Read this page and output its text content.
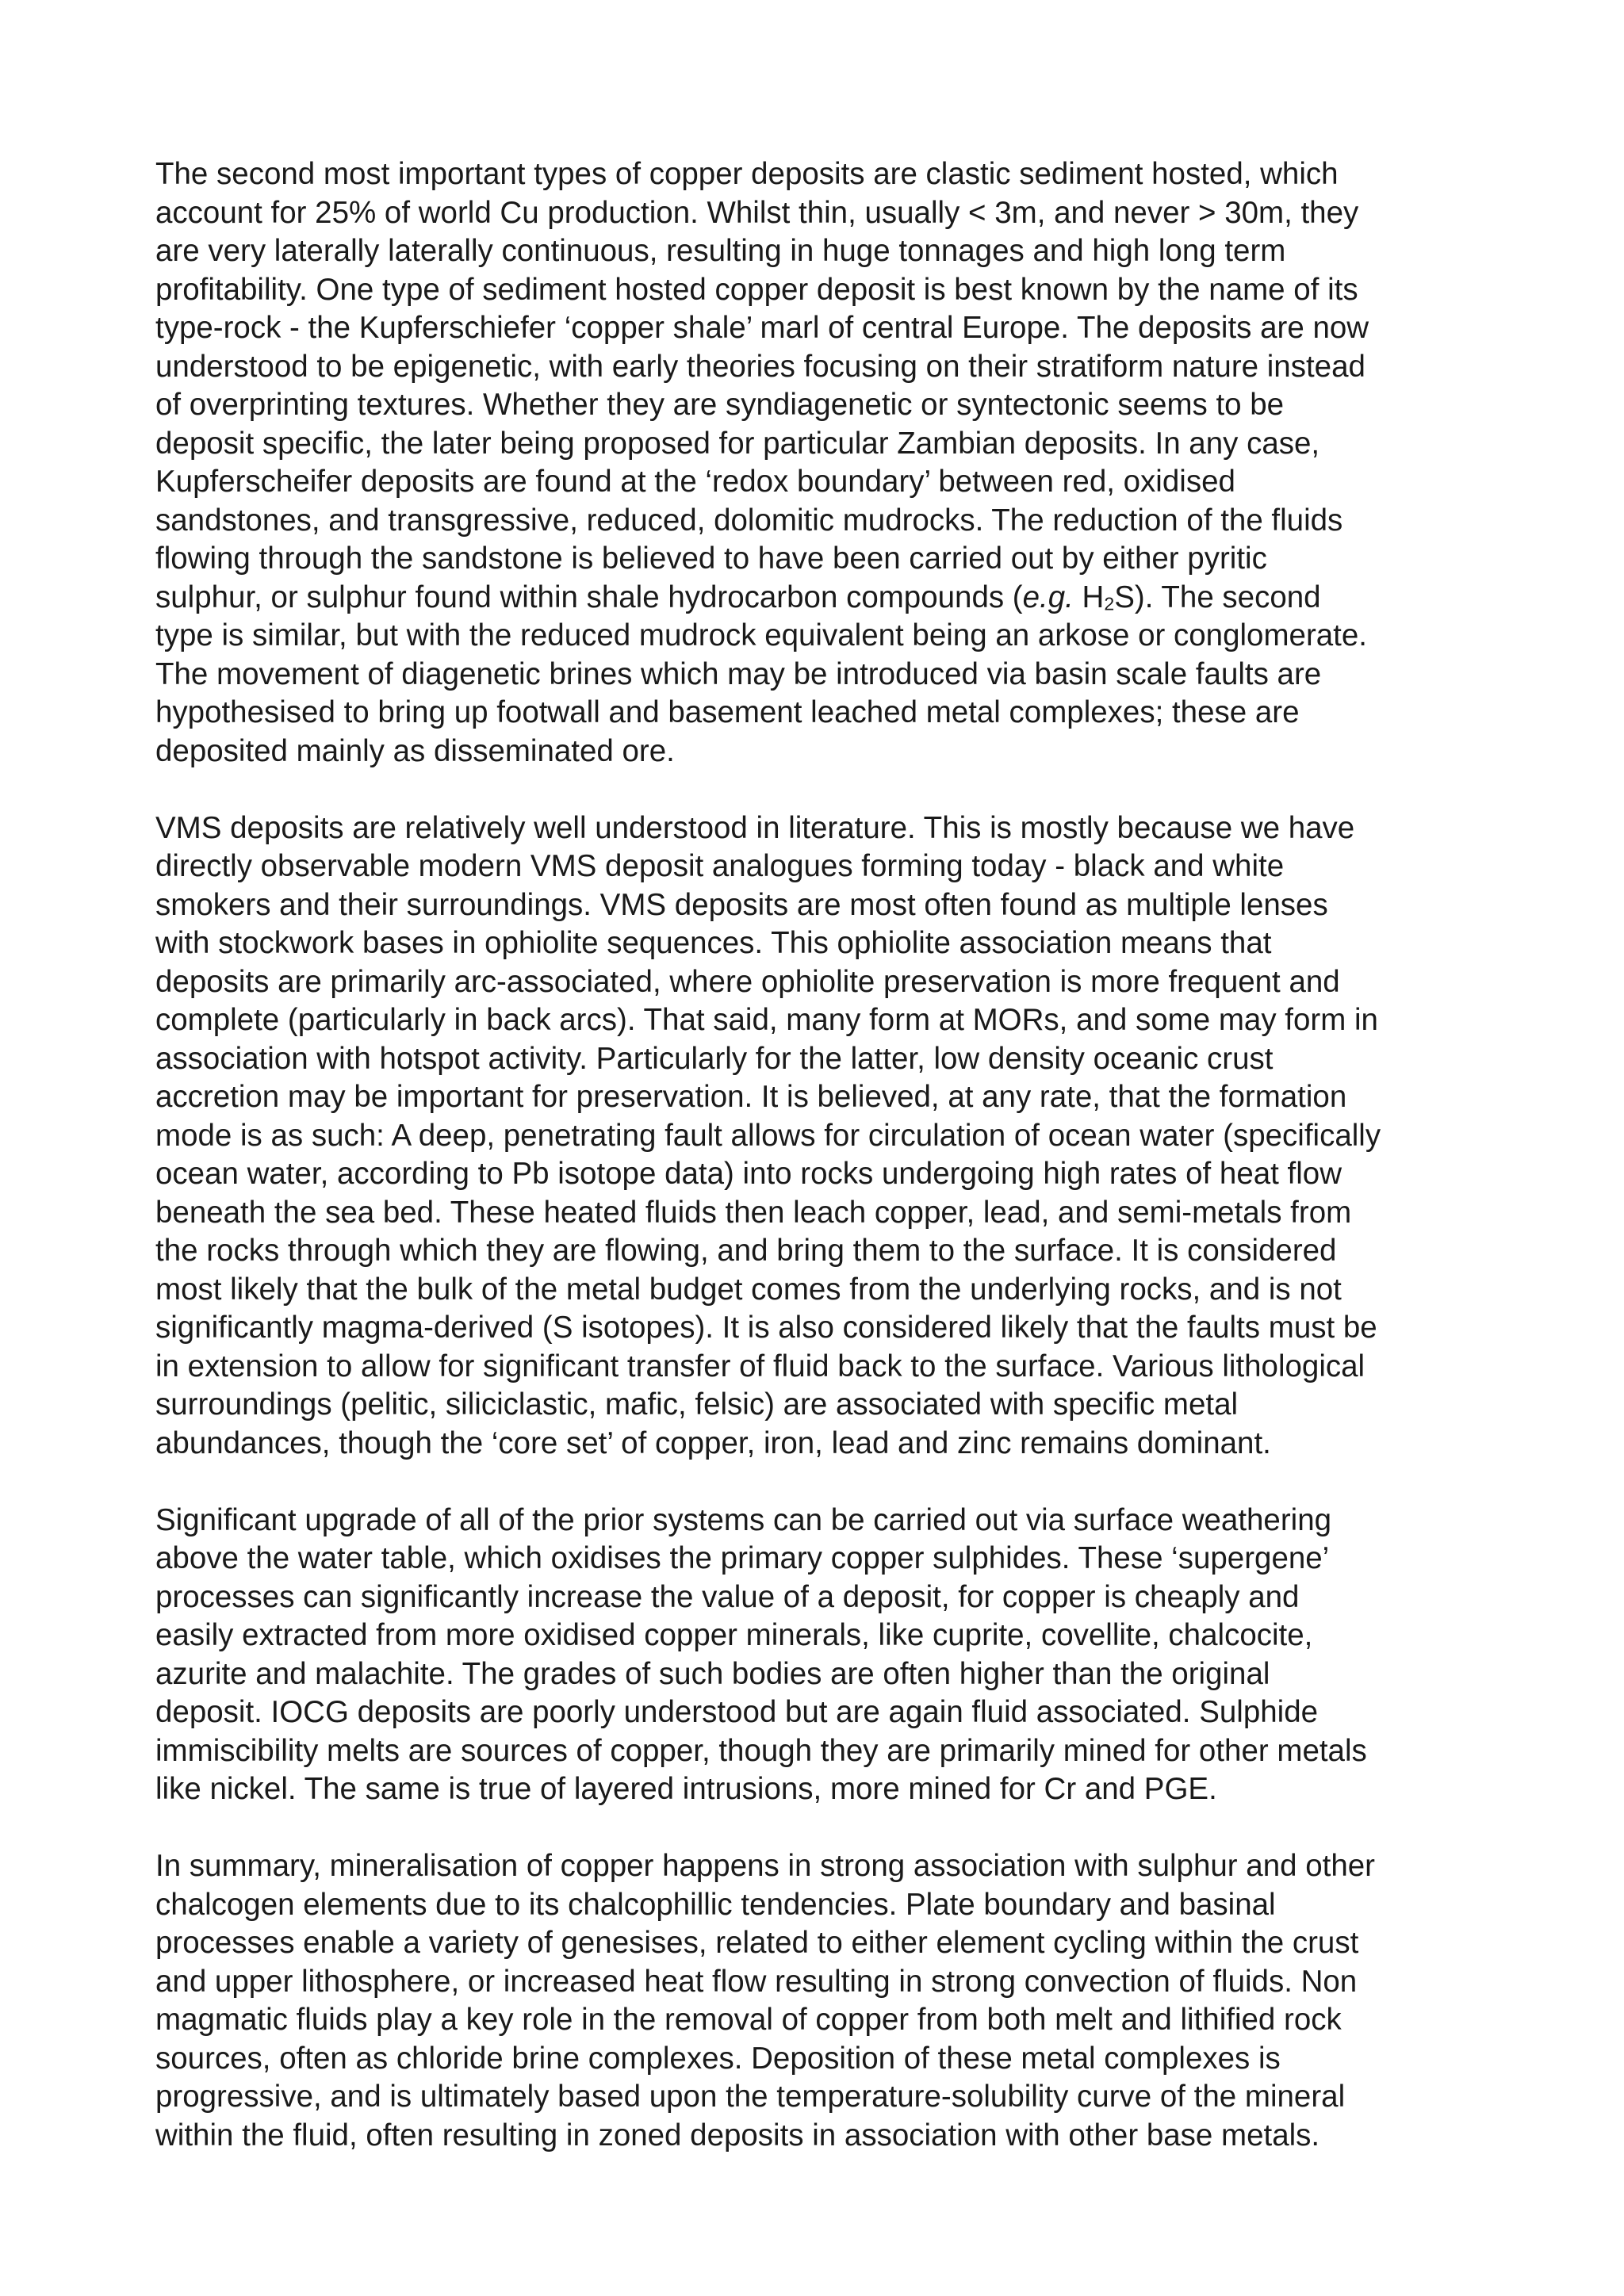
The second most important types of copper deposits are clastic sediment hosted, which
account for 25% of world Cu production. Whilst thin, usually < 3m, and never > 30m, they
are very laterally laterally continuous, resulting in huge tonnages and high long term
profitability. One type of sediment hosted copper deposit is best known by the name of its
type-rock - the Kupferschiefer ‘copper shale’ marl of central Europe. The deposits are now
understood to be epigenetic, with early theories focusing on their stratiform nature instead
of overprinting textures. Whether they are syndiagenetic or syntectonic seems to be
deposit specific, the later being proposed for particular Zambian deposits. In any case,
Kupferscheifer deposits are found at the ‘redox boundary’ between red, oxidised
sandstones, and transgressive, reduced, dolomitic mudrocks. The reduction of the fluids
flowing through the sandstone is believed to have been carried out by either pyritic
sulphur, or sulphur found within shale hydrocarbon compounds (e.g. $H_2S$). The second
type is similar, but with the reduced mudrock equivalent being an arkose or conglomerate.
The movement of diagenetic brines which may be introduced via basin scale faults are
hypothesised to bring up footwall and basement leached metal complexes; these are
deposited mainly as disseminated ore.

VMS deposits are relatively well understood in literature. This is mostly because we have
directly observable modern VMS deposit analogues forming today - black and white
smokers and their surroundings. VMS deposits are most often found as multiple lenses
with stockwork bases in ophiolite sequences. This ophiolite association means that
deposits are primarily arc-associated, where ophiolite preservation is more frequent and
complete (particularly in back arcs). That said, many form at MORs, and some may form in
association with hotspot activity. Particularly for the latter, low density oceanic crust
accretion may be important for preservation. It is believed, at any rate, that the formation
mode is as such: A deep, penetrating fault allows for circulation of ocean water (specifically
ocean water, according to Pb isotope data) into rocks undergoing high rates of heat flow
beneath the sea bed. These heated fluids then leach copper, lead, and semi-metals from
the rocks through which they are flowing, and bring them to the surface. It is considered
most likely that the bulk of the metal budget comes from the underlying rocks, and is not
significantly magma-derived (S isotopes). It is also considered likely that the faults must be
in extension to allow for significant transfer of fluid back to the surface. Various lithological
surroundings (pelitic, siliciclastic, mafic, felsic) are associated with specific metal
abundances, though the ‘core set’ of copper, iron, lead and zinc remains dominant.

Significant upgrade of all of the prior systems can be carried out via surface weathering
above the water table, which oxidises the primary copper sulphides. These ‘supergene’
processes can significantly increase the value of a deposit, for copper is cheaply and
easily extracted from more oxidised copper minerals, like cuprite, covellite, chalcocite,
azurite and malachite. The grades of such bodies are often higher than the original
deposit. IOCG deposits are poorly understood but are again fluid associated. Sulphide
immiscibility melts are sources of copper, though they are primarily mined for other metals
like nickel. The same is true of layered intrusions, more mined for Cr and PGE.

In summary, mineralisation of copper happens in strong association with sulphur and other
chalcogen elements due to its chalcophillic tendencies. Plate boundary and basinal
processes enable a variety of genesises, related to either element cycling within the crust
and upper lithosphere, or increased heat flow resulting in strong convection of fluids. Non
magmatic fluids play a key role in the removal of copper from both melt and lithified rock
sources, often as chloride brine complexes. Deposition of these metal complexes is
progressive, and is ultimately based upon the temperature-solubility curve of the mineral
within the fluid, often resulting in zoned deposits in association with other base metals.
